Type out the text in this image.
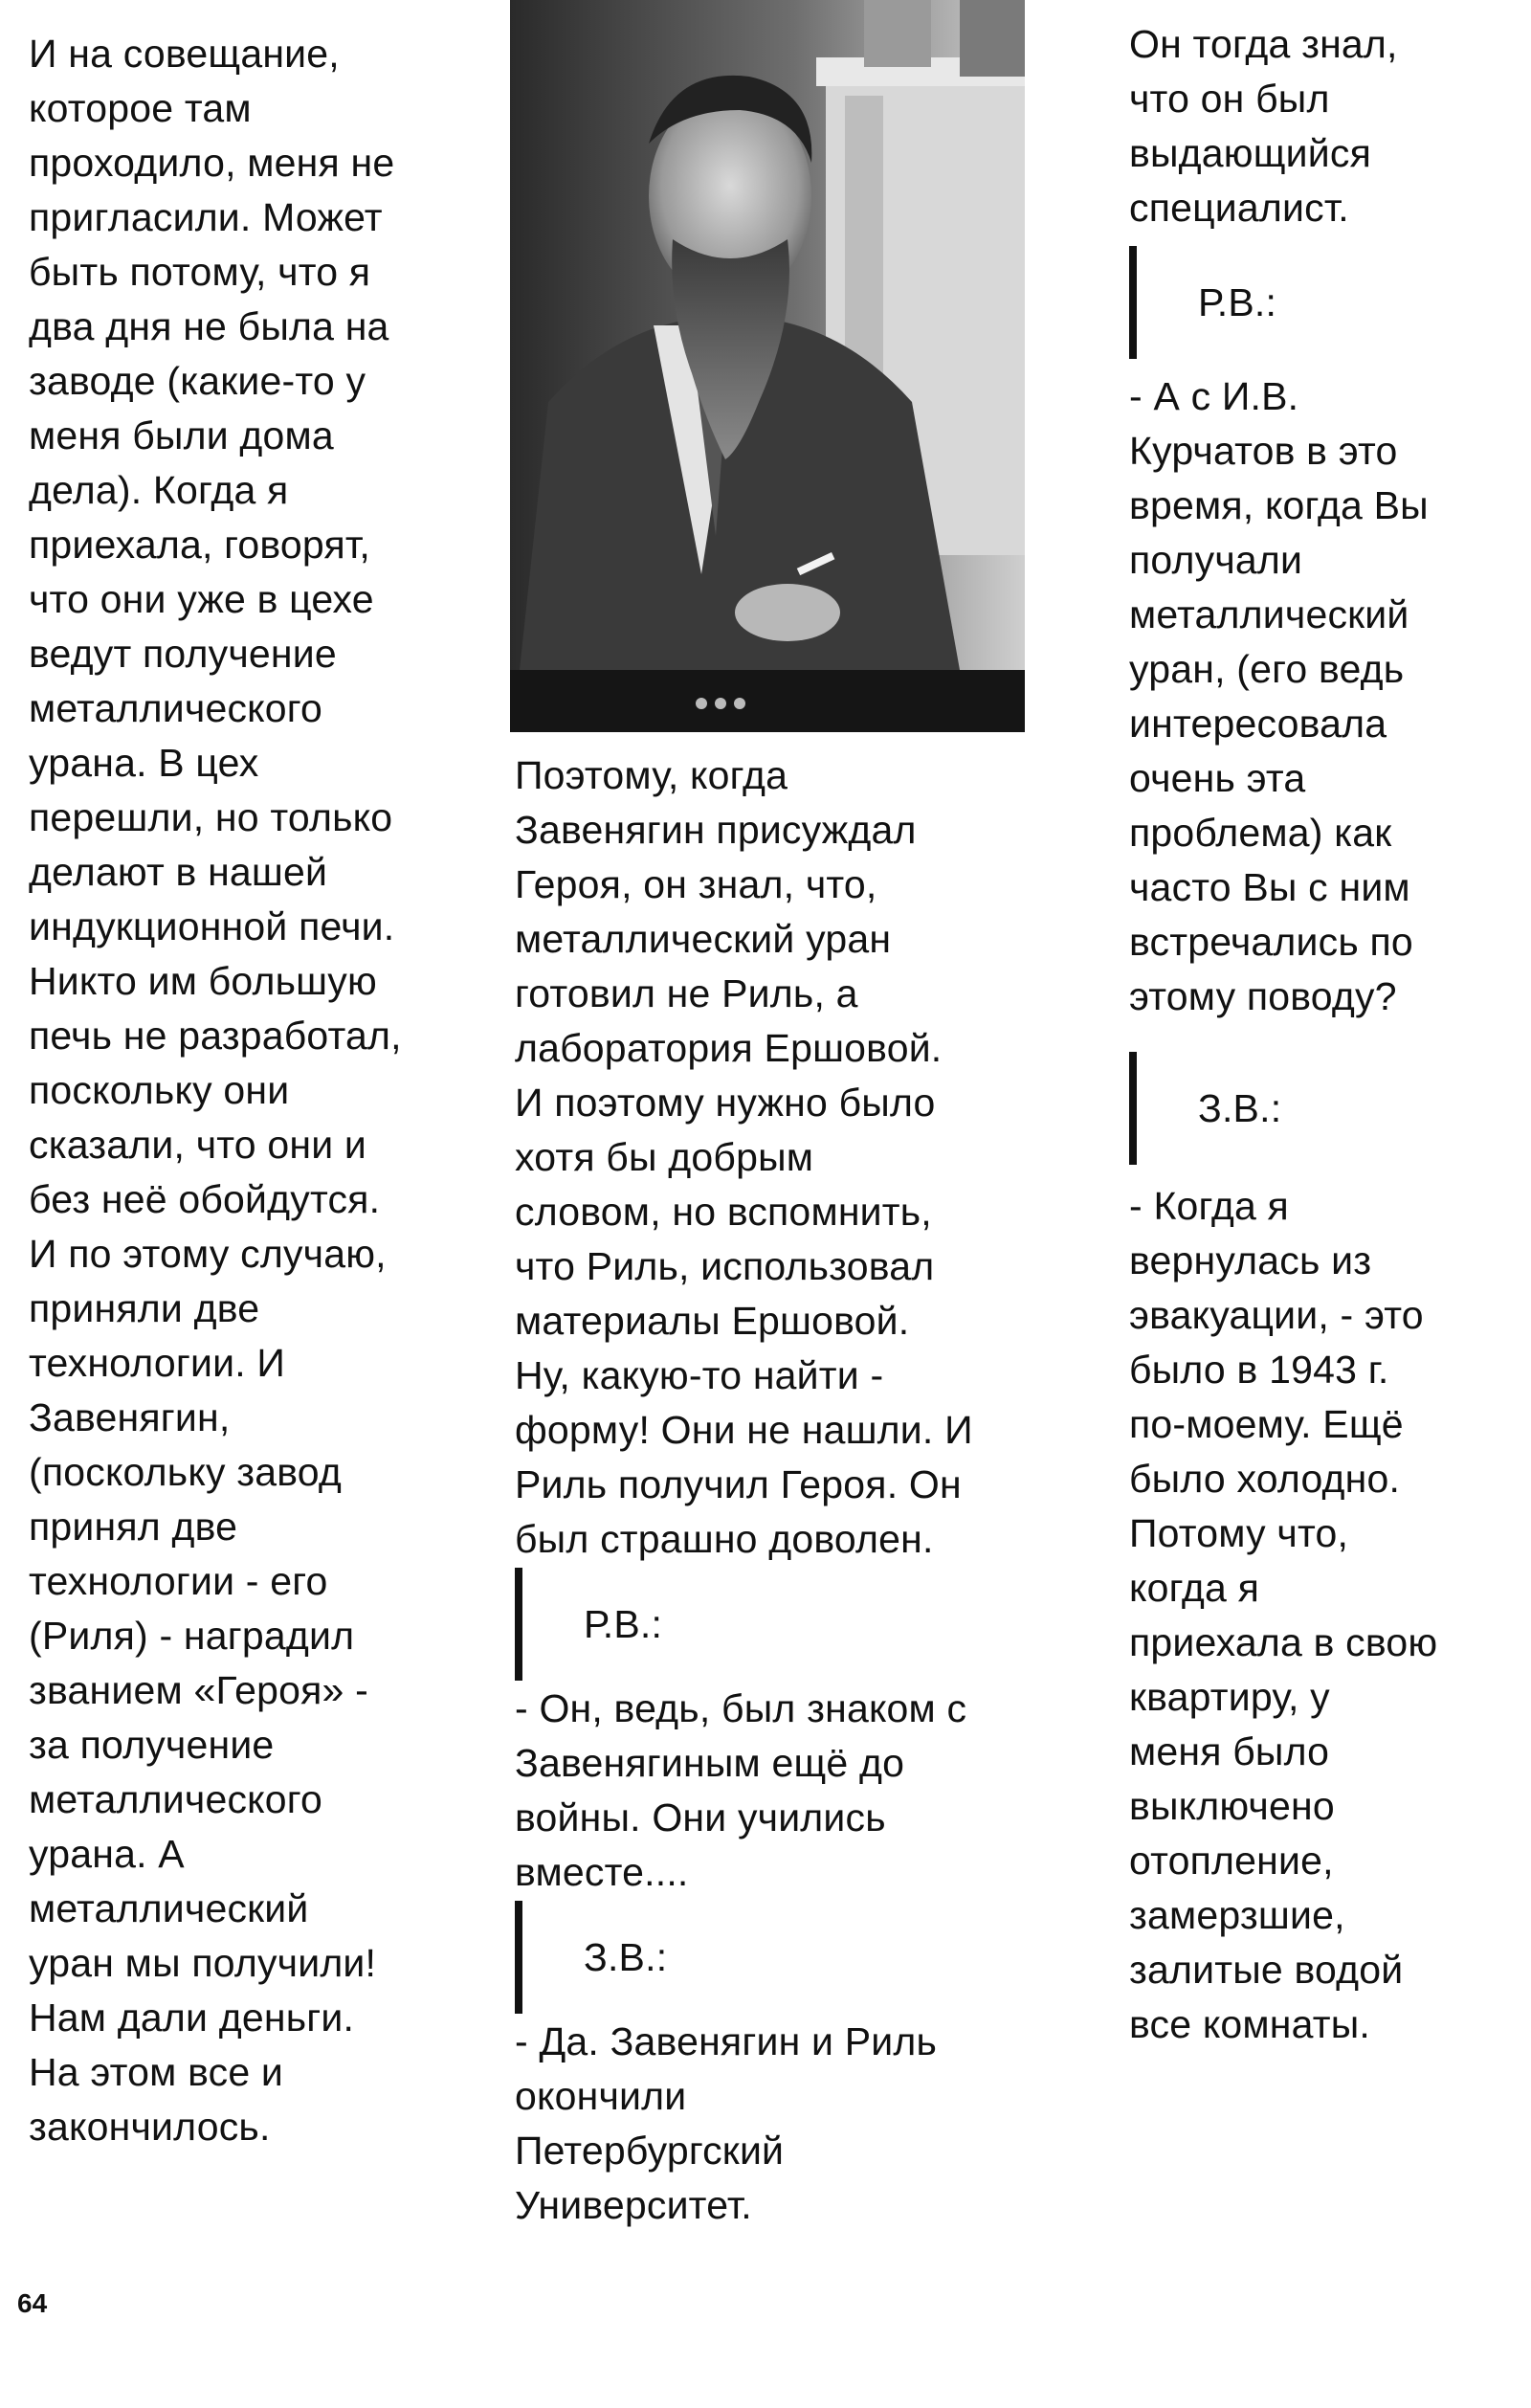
И на совещание,
которое там
проходило, меня не
пригласили. Может
быть потому, что я
два дня не была на
заводе (какие-то у
меня были дома
дела). Когда я
приехала, говорят,
что они уже в цехе
ведут получение
металлического
урана. В цех
перешли, но только
делают в нашей
индукционной печи.
Никто им большую
печь не разработал,
поскольку они
сказали, что они и
без неё обойдутся.
И по этому случаю,
приняли две
технологии. И
Завенягин,
(поскольку завод
принял две
технологии - его
(Риля) - наградил
званием «Героя» -
за получение
металлического
урана. А
металлический
уран мы получили!
Нам дали деньги.
На этом все и
закончилось.

Поэтому, когда
Завенягин присуждал
Героя, он знал, что,
металлический уран
готовил не Риль, а
лаборатория Ершовой.
И поэтому нужно было
хотя бы добрым
словом, но вспомнить,
что Риль, использовал
материалы Ершовой.
Ну, какую-то найти -
форму! Они не нашли. И
Риль получил Героя. Он
был страшно доволен.

Р.В.:

- Он, ведь, был знаком с
Завенягиным ещё до
войны. Они учились
вместе....

З.В.:

- Да. Завенягин и Риль
окончили
Петербургский
Университет.

Он тогда знал,
что он был
выдающийся
специалист.

Р.В.:

- А с И.В.
Курчатов в это
время, когда Вы
получали
металлический
уран, (его ведь
интересовала
очень эта
проблема) как
часто Вы с ним
встречались по
этому поводу?

З.В.:

- Когда я
вернулась из
эвакуации, - это
было в 1943 г.
по-моему. Ещё
было холодно.
Потому что,
когда я
приехала в свою
квартиру, у
меня было
выключено
отопление,
замерзшие,
залитые водой
все комнаты.

64
